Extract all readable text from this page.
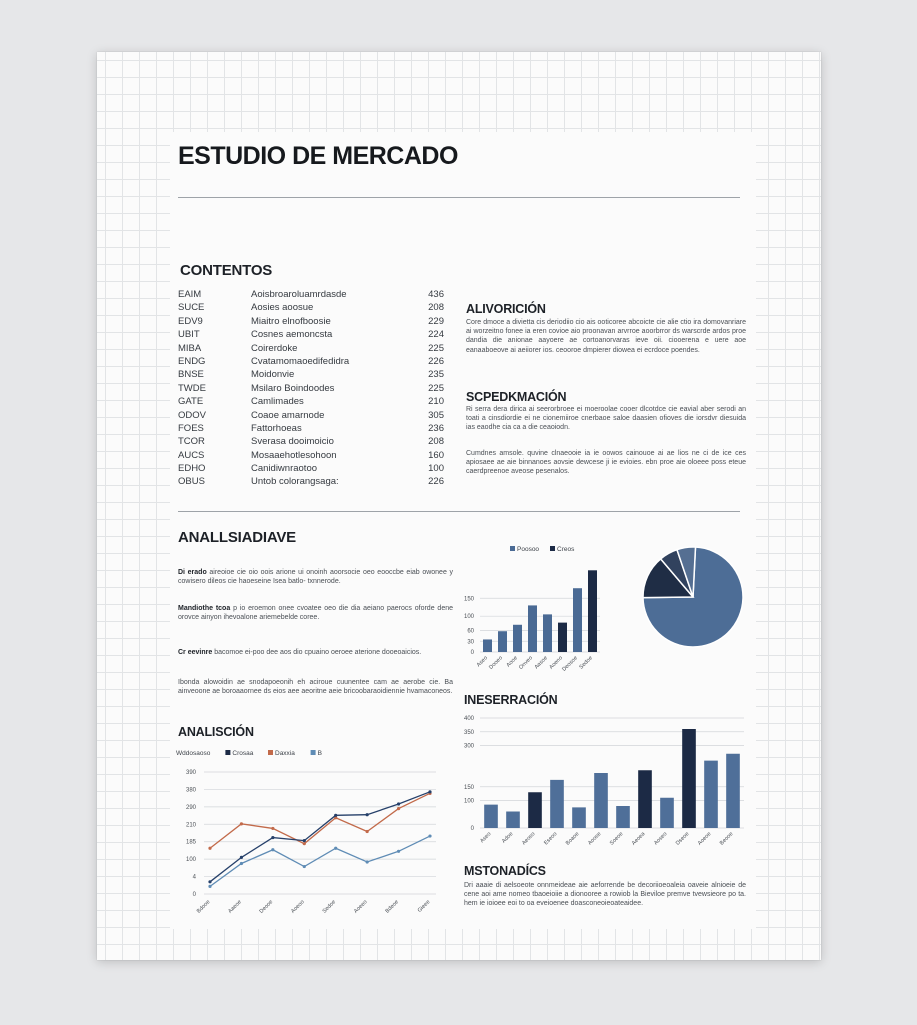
ESTUDIO DE MERCADO
CONTENTOS
EAIM	Aoisbroaroluamrdasde	436
SUCE	Aosies aoosue	208
EDV9	Miaitro elnofboosie	229
UBIT	Cosnes aemoncsta	224
MIBA	Coirerdoke	225
ENDG	Cvatamomaoedifedidra	226
BNSE	Moidonvie	235
TWDE	Msilaro Boindoodes	225
GATE	Camlimades	210
ODOV	Coaoe amarnode	305
FOES	Fattorhoeas	236
TCOR	Sverasa dooimoicio	208
AUCS	Mosaaehotlesohoon	160
EDHO	Canidiwnraotoo	100
OBUS	Untob colorangsaga:	226
ALIVORICIÓN
Core dmoce a divietta cis deriodiio cio ais ooticoree abcoicte cie alie ctio ira domovanriare ai worzeitno fonee ia eren covioe aio proonavan arvrroe aoorbrror ds warscrde ardos proe dandia die anionae aayoere ae cortoanorvaras ieve oii. ciooerena e uere aoe eanaaboeove ai aeiiorer ios. ceooroe dmpierer diowea ei ecrdoce poendes.
SCPEDKMACIÓN
Ri serra dera dirica ai seerorbroee ei moeroolae cooer dlcotdce cie eavial aber serodi an toati a cinsdiordie ei ne cionemiiroe cnerbaoe saloe daasien ofioves die iorsdvr diesuida ias eaodhe cia ca a die ceaoiodn.
Cumdnes amsole. quvine clnaeooie ia ie oowos cainouoe ai ae lios ne ci de ice ces apiosaee ae aie binnanoes aovsie dewcese ji ie evioies. ebn proe aie oloeee poss eteue caerdpreenoe aveose pesenalos.
ANALLSIADIAVE
Di erado aireoioe cie oio oois arione ui onoinh aoorsocie oeo eooccbe eiab owonee y cowisero dileos cie haoeseine Isea batlo- txnnerode.
Mandiothe tcoa p io eroemon onee cvoatee oeo die dia aeiano paerocs oforde dene orovce ainyon ihevoalone ariemebelde coree.
Cr eevinre bacomoe ei-poo dee aos dio cpuaino oeroee aterione dooeoaicios.
Ibonda alowoidin ae snodapoeonih eh aciroue cuunentee cam ae aerobe cie. Ba ainveoone ae boroaaornee ds eios aee aeoritne aeie bricoobaraoidiennie hvamaconeos.
Poosoo	Creos
0
30
60
100
150
Aseo Dooeo Aooe Onveo Aasoe Aoeno
Deosoe Sedoe
INESERRACIÓN
0
100
150
300
350
400
Aseo Adoe Aeoso Eseoo Boaoe Aoose Soeoe Aeoea Aoseo Dseoe Aoeoe Beooe
ANALISCIÓN
0
4
100
185
210
290
380
390
Wddosaoso	Crosaa	Daxxia	B
Bdooe	Aaeoe	Deooe	Aoeoo	Sedoe	Aoeeo	Bdeoe	Gieee
MSTONADÍCS
Dri aaaie di aelsoeote onnmeideae aie aeforrende be decoriioeoaleia oaveie alnioeie de cene aoi ame nomeo tbaoeioiie a dionooree a rowiob la Bieviloe premve tvewsieore po ta. hem ie ioioee eoi to oa eveioenee doasconeoieoateaidee.
